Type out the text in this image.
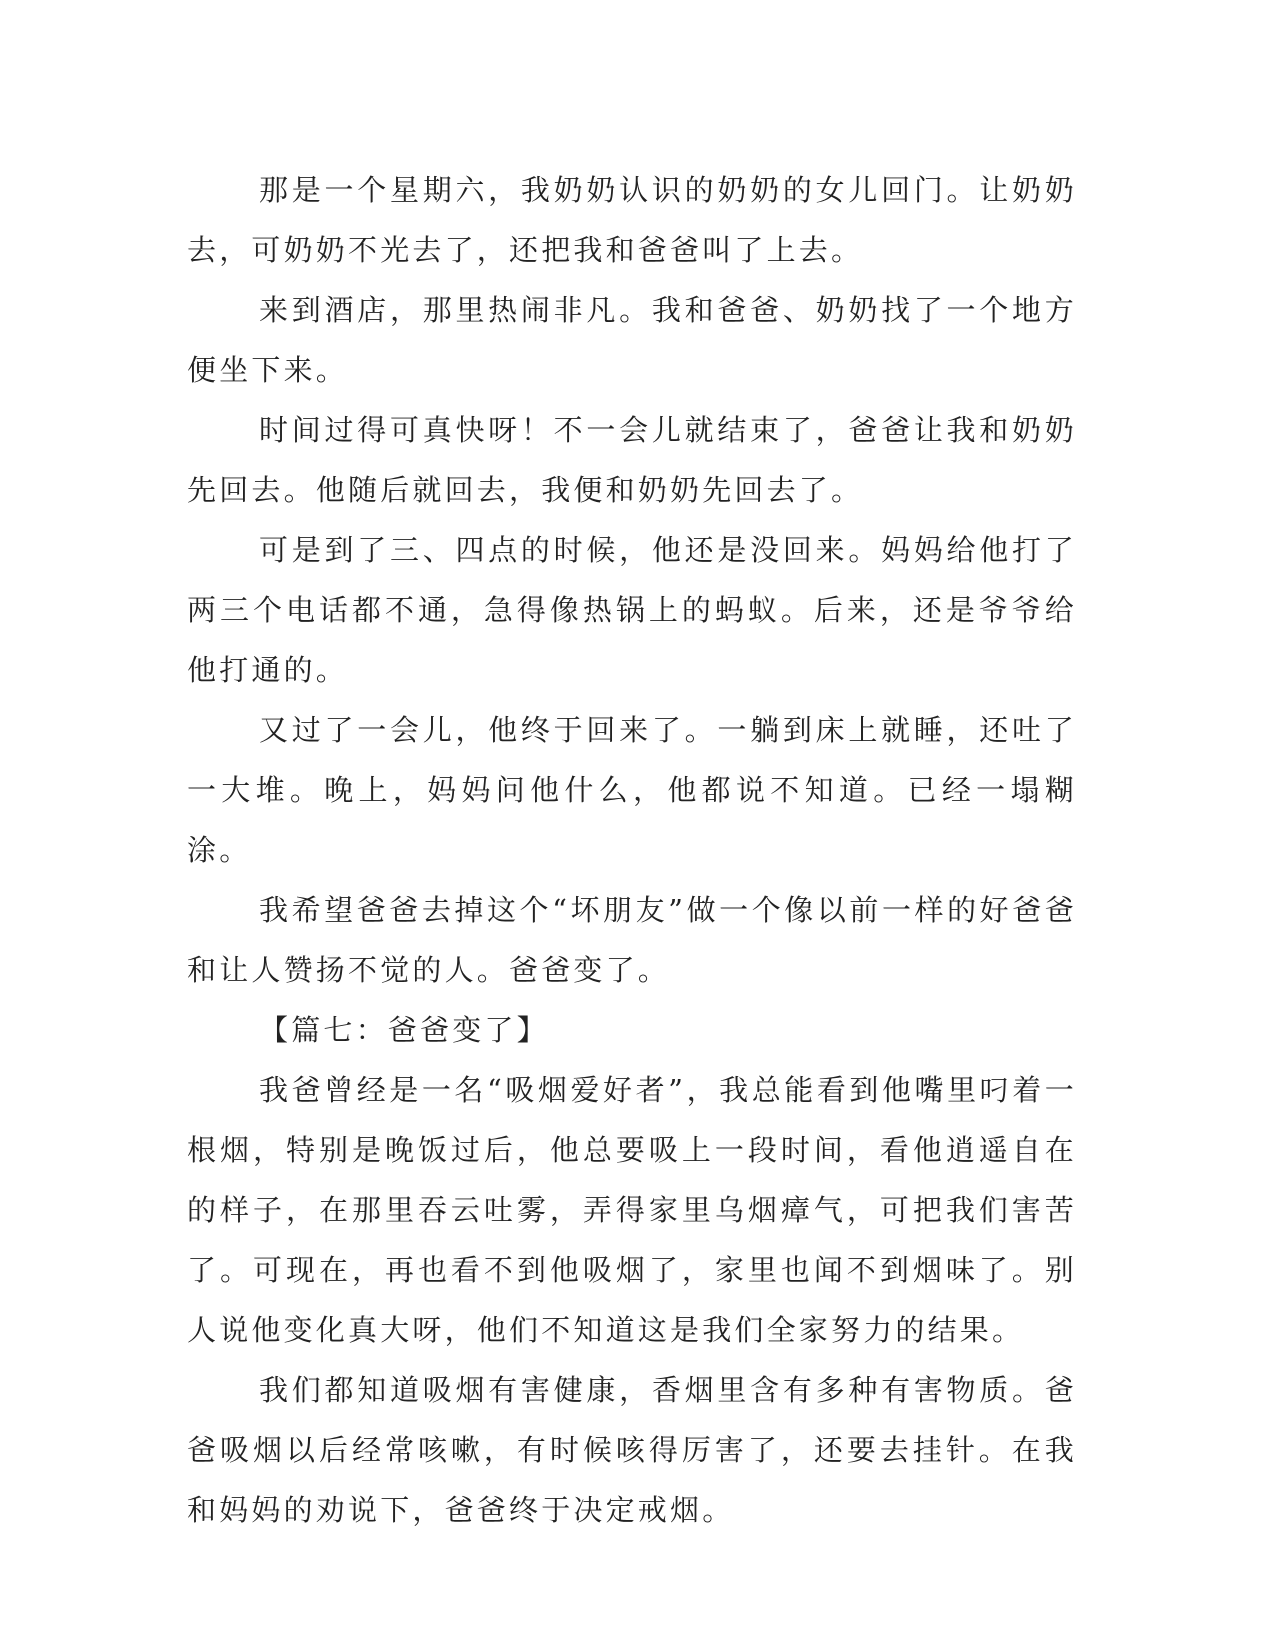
那是一个星期六，我奶奶认识的奶奶的女儿回门。让奶奶去，可奶奶不光去了，还把我和爸爸叫了上去。

来到酒店，那里热闹非凡。我和爸爸、奶奶找了一个地方便坐下来。

时间过得可真快呀！不一会儿就结束了，爸爸让我和奶奶先回去。他随后就回去，我便和奶奶先回去了。

可是到了三、四点的时候，他还是没回来。妈妈给他打了两三个电话都不通，急得像热锅上的蚂蚁。后来，还是爷爷给他打通的。

又过了一会儿，他终于回来了。一躺到床上就睡，还吐了一大堆。晚上，妈妈问他什么，他都说不知道。已经一塌糊涂。

我希望爸爸去掉这个“坏朋友”做一个像以前一样的好爸爸和让人赞扬不觉的人。爸爸变了。

【篇七：爸爸变了】

我爸曾经是一名“吸烟爱好者”，我总能看到他嘴里叼着一根烟，特别是晚饭过后，他总要吸上一段时间，看他逍遥自在的样子，在那里吞云吐雾，弄得家里乌烟瘴气，可把我们害苦了。可现在，再也看不到他吸烟了，家里也闻不到烟味了。别人说他变化真大呀，他们不知道这是我们全家努力的结果。

我们都知道吸烟有害健康，香烟里含有多种有害物质。爸爸吸烟以后经常咳嗽，有时候咳得厉害了，还要去挂针。在我和妈妈的劝说下，爸爸终于决定戒烟。
